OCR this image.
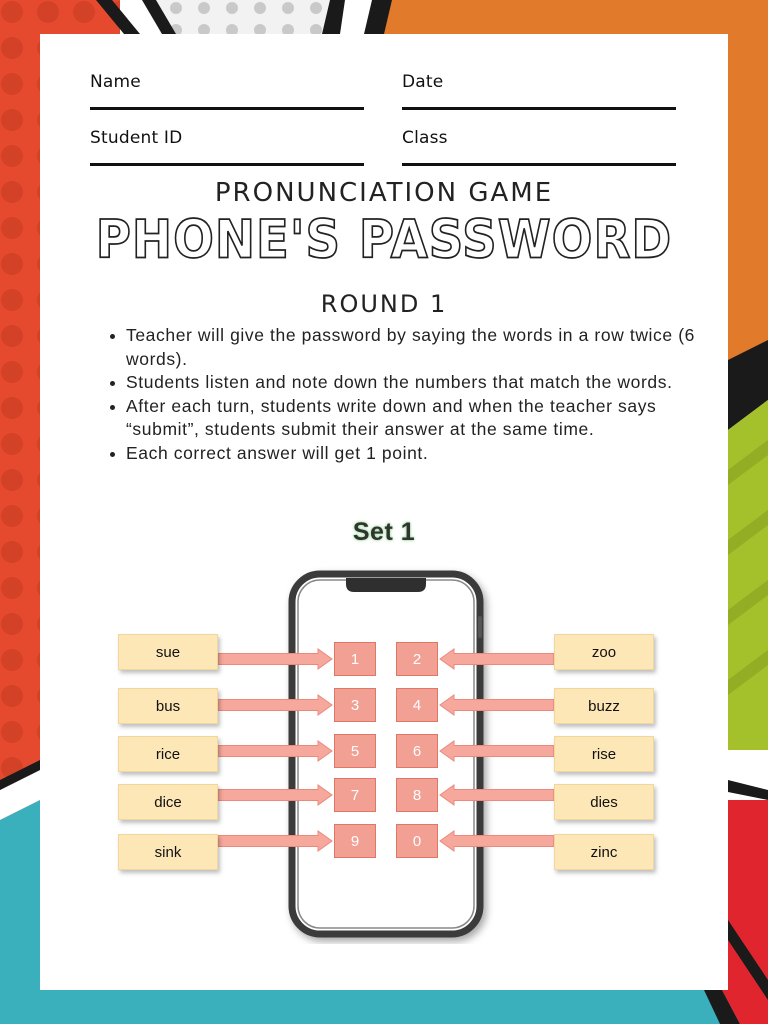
Name	Date
Student ID	Class
PRONUNCIATION GAME
PHONE'S PASSWORD
ROUND 1
Teacher will give the password by saying the words in a row twice (6 words).
Students listen and note down the numbers that match the words.
After each turn, students write down and when the teacher says “submit”, students submit their answer at the same time.
Each correct answer will get 1 point.
Set 1
sue
bus
rice
dice
sink
zoo
buzz
rise
dies
zinc
1
3
5
7
9
2
4
6
8
0
